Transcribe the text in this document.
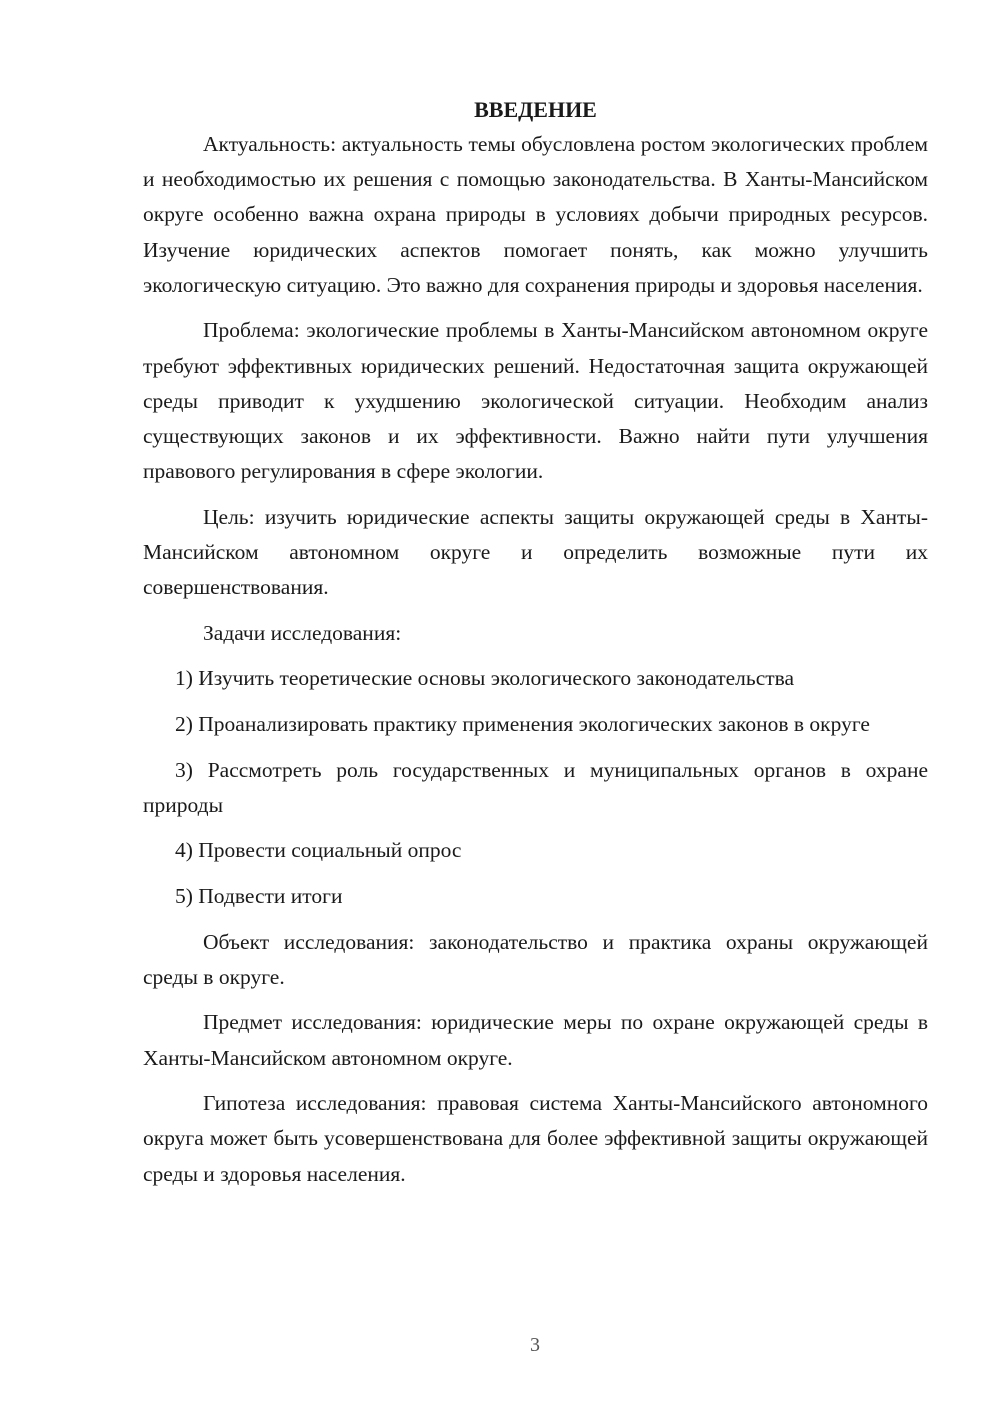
ВВЕДЕНИЕ

Актуальность: актуальность темы обусловлена ростом экологических проблем и необходимостью их решения с помощью законодательства. В Ханты-Мансийском округе особенно важна охрана природы в условиях добычи природных ресурсов. Изучение юридических аспектов помогает понять, как можно улучшить экологическую ситуацию. Это важно для сохранения природы и здоровья населения.

Проблема: экологические проблемы в Ханты-Мансийском автономном округе требуют эффективных юридических решений. Недостаточная защита окружающей среды приводит к ухудшению экологической ситуации. Необходим анализ существующих законов и их эффективности. Важно найти пути улучшения правового регулирования в сфере экологии.

Цель: изучить юридические аспекты защиты окружающей среды в Ханты-Мансийском автономном округе и определить возможные пути их совершенствования.

Задачи исследования:

1) Изучить теоретические основы экологического законодательства

2) Проанализировать практику применения экологических законов в округе

3) Рассмотреть роль государственных и муниципальных органов в охране природы

4) Провести социальный опрос

5) Подвести итоги

Объект исследования: законодательство и практика охраны окружающей среды в округе.

Предмет исследования: юридические меры по охране окружающей среды в Ханты-Мансийском автономном округе.

Гипотеза исследования: правовая система Ханты-Мансийского автономного округа может быть усовершенствована для более эффективной защиты окружающей среды и здоровья населения.

3
